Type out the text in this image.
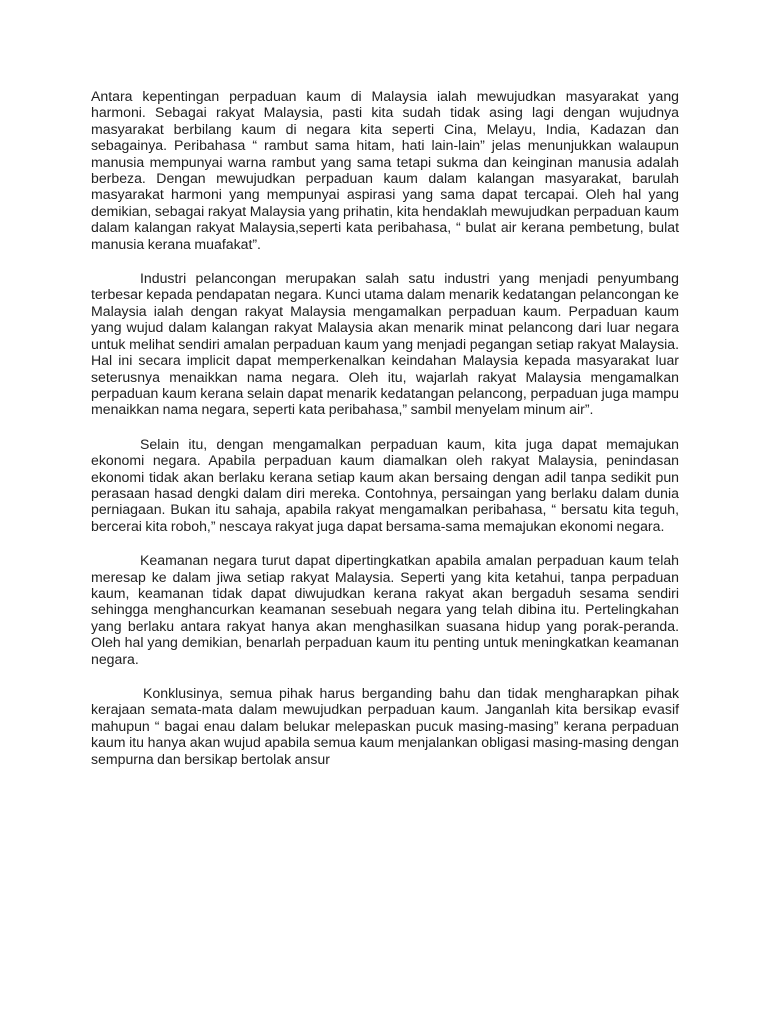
Antara kepentingan perpaduan kaum di Malaysia ialah mewujudkan masyarakat yang harmoni. Sebagai rakyat Malaysia, pasti kita sudah tidak asing lagi dengan wujudnya masyarakat berbilang kaum di negara kita seperti Cina, Melayu, India, Kadazan dan sebagainya. Peribahasa “ rambut sama hitam, hati lain-lain” jelas menunjukkan walaupun manusia mempunyai warna rambut yang sama tetapi sukma dan keinginan manusia adalah berbeza. Dengan mewujudkan perpaduan kaum dalam kalangan masyarakat, barulah masyarakat harmoni yang mempunyai aspirasi yang sama dapat tercapai. Oleh hal yang demikian, sebagai rakyat Malaysia yang prihatin, kita hendaklah mewujudkan perpaduan kaum dalam kalangan rakyat Malaysia,seperti kata peribahasa, “ bulat air kerana pembetung, bulat manusia kerana muafakat”.

Industri pelancongan merupakan salah satu industri yang menjadi penyumbang terbesar kepada pendapatan negara. Kunci utama dalam menarik kedatangan pelancongan ke Malaysia ialah dengan rakyat Malaysia mengamalkan perpaduan kaum. Perpaduan kaum yang wujud dalam kalangan rakyat Malaysia akan menarik minat pelancong dari luar negara untuk melihat sendiri amalan perpaduan kaum yang menjadi pegangan setiap rakyat Malaysia. Hal ini secara implicit dapat memperkenalkan keindahan Malaysia kepada masyarakat luar seterusnya menaikkan nama negara. Oleh itu, wajarlah rakyat Malaysia mengamalkan perpaduan kaum kerana selain dapat menarik kedatangan pelancong, perpaduan juga mampu menaikkan nama negara, seperti kata peribahasa,” sambil menyelam minum air”.

Selain itu, dengan mengamalkan perpaduan kaum, kita juga dapat memajukan ekonomi negara. Apabila perpaduan kaum diamalkan oleh rakyat Malaysia, penindasan ekonomi tidak akan berlaku kerana setiap kaum akan bersaing dengan adil tanpa sedikit pun perasaan hasad dengki dalam diri mereka. Contohnya, persaingan yang berlaku dalam dunia perniagaan. Bukan itu sahaja, apabila rakyat mengamalkan peribahasa, “ bersatu kita teguh, bercerai kita roboh,” nescaya rakyat juga dapat bersama-sama memajukan ekonomi negara.

Keamanan negara turut dapat dipertingkatkan apabila amalan perpaduan kaum telah meresap ke dalam jiwa setiap rakyat Malaysia. Seperti yang kita ketahui, tanpa perpaduan kaum, keamanan tidak dapat diwujudkan kerana rakyat akan bergaduh sesama sendiri sehingga menghancurkan keamanan sesebuah negara yang telah dibina itu. Pertelingkahan yang berlaku antara rakyat hanya akan menghasilkan suasana hidup yang porak-peranda. Oleh hal yang demikian, benarlah perpaduan kaum itu penting untuk meningkatkan keamanan negara.

Konklusinya, semua pihak harus berganding bahu dan tidak mengharapkan pihak kerajaan semata-mata dalam mewujudkan perpaduan kaum. Janganlah kita bersikap evasif mahupun “ bagai enau dalam belukar melepaskan pucuk masing-masing” kerana perpaduan kaum itu hanya akan wujud apabila semua kaum menjalankan obligasi masing-masing dengan sempurna dan bersikap bertolak ansur
